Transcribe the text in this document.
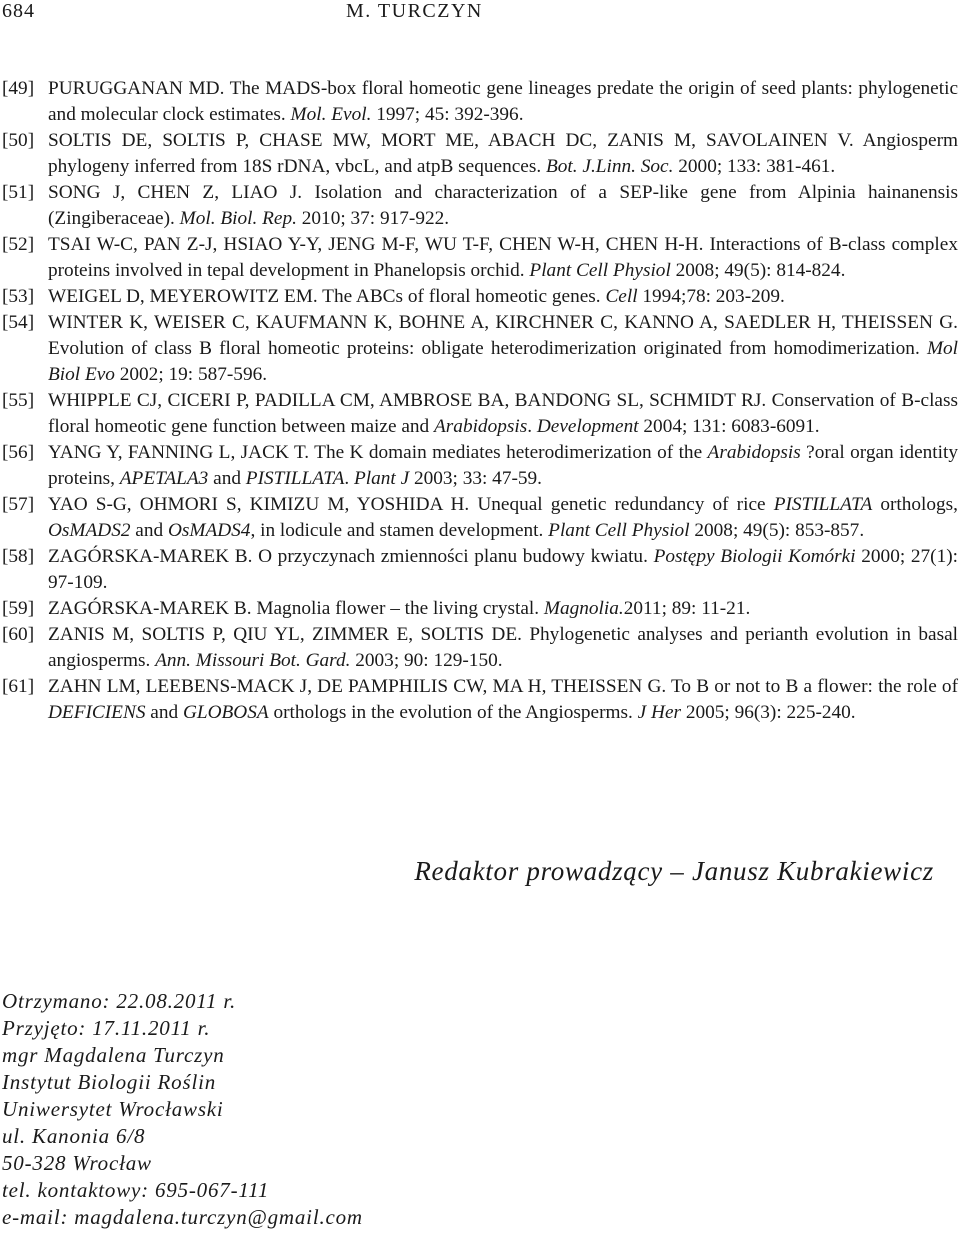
684	M. TURCZYN
[49] PURUGGANAN MD. The MADS-box floral homeotic gene lineages predate the origin of seed plants: phylogenetic and molecular clock estimates. Mol. Evol. 1997; 45: 392-396.
[50] SOLTIS DE, SOLTIS P, CHASE MW, MORT ME, ABACH DC, ZANIS M, SAVOLAINEN V. Angiosperm phylogeny inferred from 18S rDNA, vbcL, and atpB sequences. Bot. J.Linn. Soc. 2000; 133: 381-461.
[51] SONG J, CHEN Z, LIAO J. Isolation and characterization of a SEP-like gene from Alpinia hainanensis (Zingiberaceae). Mol. Biol. Rep. 2010; 37: 917-922.
[52] TSAI W-C, PAN Z-J, HSIAO Y-Y, JENG M-F, WU T-F, CHEN W-H, CHEN H-H. Interactions of B-class complex proteins involved in tepal development in Phanelopsis orchid. Plant Cell Physiol 2008; 49(5): 814-824.
[53] WEIGEL D, MEYEROWITZ EM. The ABCs of floral homeotic genes. Cell 1994;78: 203-209.
[54] WINTER K, WEISER C, KAUFMANN K, BOHNE A, KIRCHNER C, KANNO A, SAEDLER H, THEISSEN G. Evolution of class B floral homeotic proteins: obligate heterodimerization originated from homodimerization. Mol Biol Evo 2002; 19: 587-596.
[55] WHIPPLE CJ, CICERI P, PADILLA CM, AMBROSE BA, BANDONG SL, SCHMIDT RJ. Conservation of B-class floral homeotic gene function between maize and Arabidopsis. Development 2004; 131: 6083-6091.
[56] YANG Y, FANNING L, JACK T. The K domain mediates heterodimerization of the Arabidopsis ?oral organ identity proteins, APETALA3 and PISTILLATA. Plant J 2003; 33: 47-59.
[57] YAO S-G, OHMORI S, KIMIZU M, YOSHIDA H. Unequal genetic redundancy of rice PISTILLATA orthologs, OsMADS2 and OsMADS4, in lodicule and stamen development. Plant Cell Physiol 2008; 49(5): 853-857.
[58] ZAGÓRSKA-MAREK B. O przyczynach zmienności planu budowy kwiatu. Postępy Biologii Komórki 2000; 27(1): 97-109.
[59] ZAGÓRSKA-MAREK B. Magnolia flower – the living crystal. Magnolia.2011; 89: 11-21.
[60] ZANIS M, SOLTIS P, QIU YL, ZIMMER E, SOLTIS DE. Phylogenetic analyses and perianth evolution in basal angiosperms. Ann. Missouri Bot. Gard. 2003; 90: 129-150.
[61] ZAHN LM, LEEBENS-MACK J, DE PAMPHILIS CW, MA H, THEISSEN G. To B or not to B a flower: the role of DEFICIENS and GLOBOSA orthologs in the evolution of the Angiosperms. J Her 2005; 96(3): 225-240.
Redaktor prowadzący – Janusz Kubrakiewicz
Otrzymano: 22.08.2011 r.
Przyjęto: 17.11.2011 r.
mgr Magdalena Turczyn
Instytut Biologii Roślin
Uniwersytet Wrocławski
ul. Kanonia 6/8
50-328 Wrocław
tel. kontaktowy: 695-067-111
e-mail: magdalena.turczyn@gmail.com
